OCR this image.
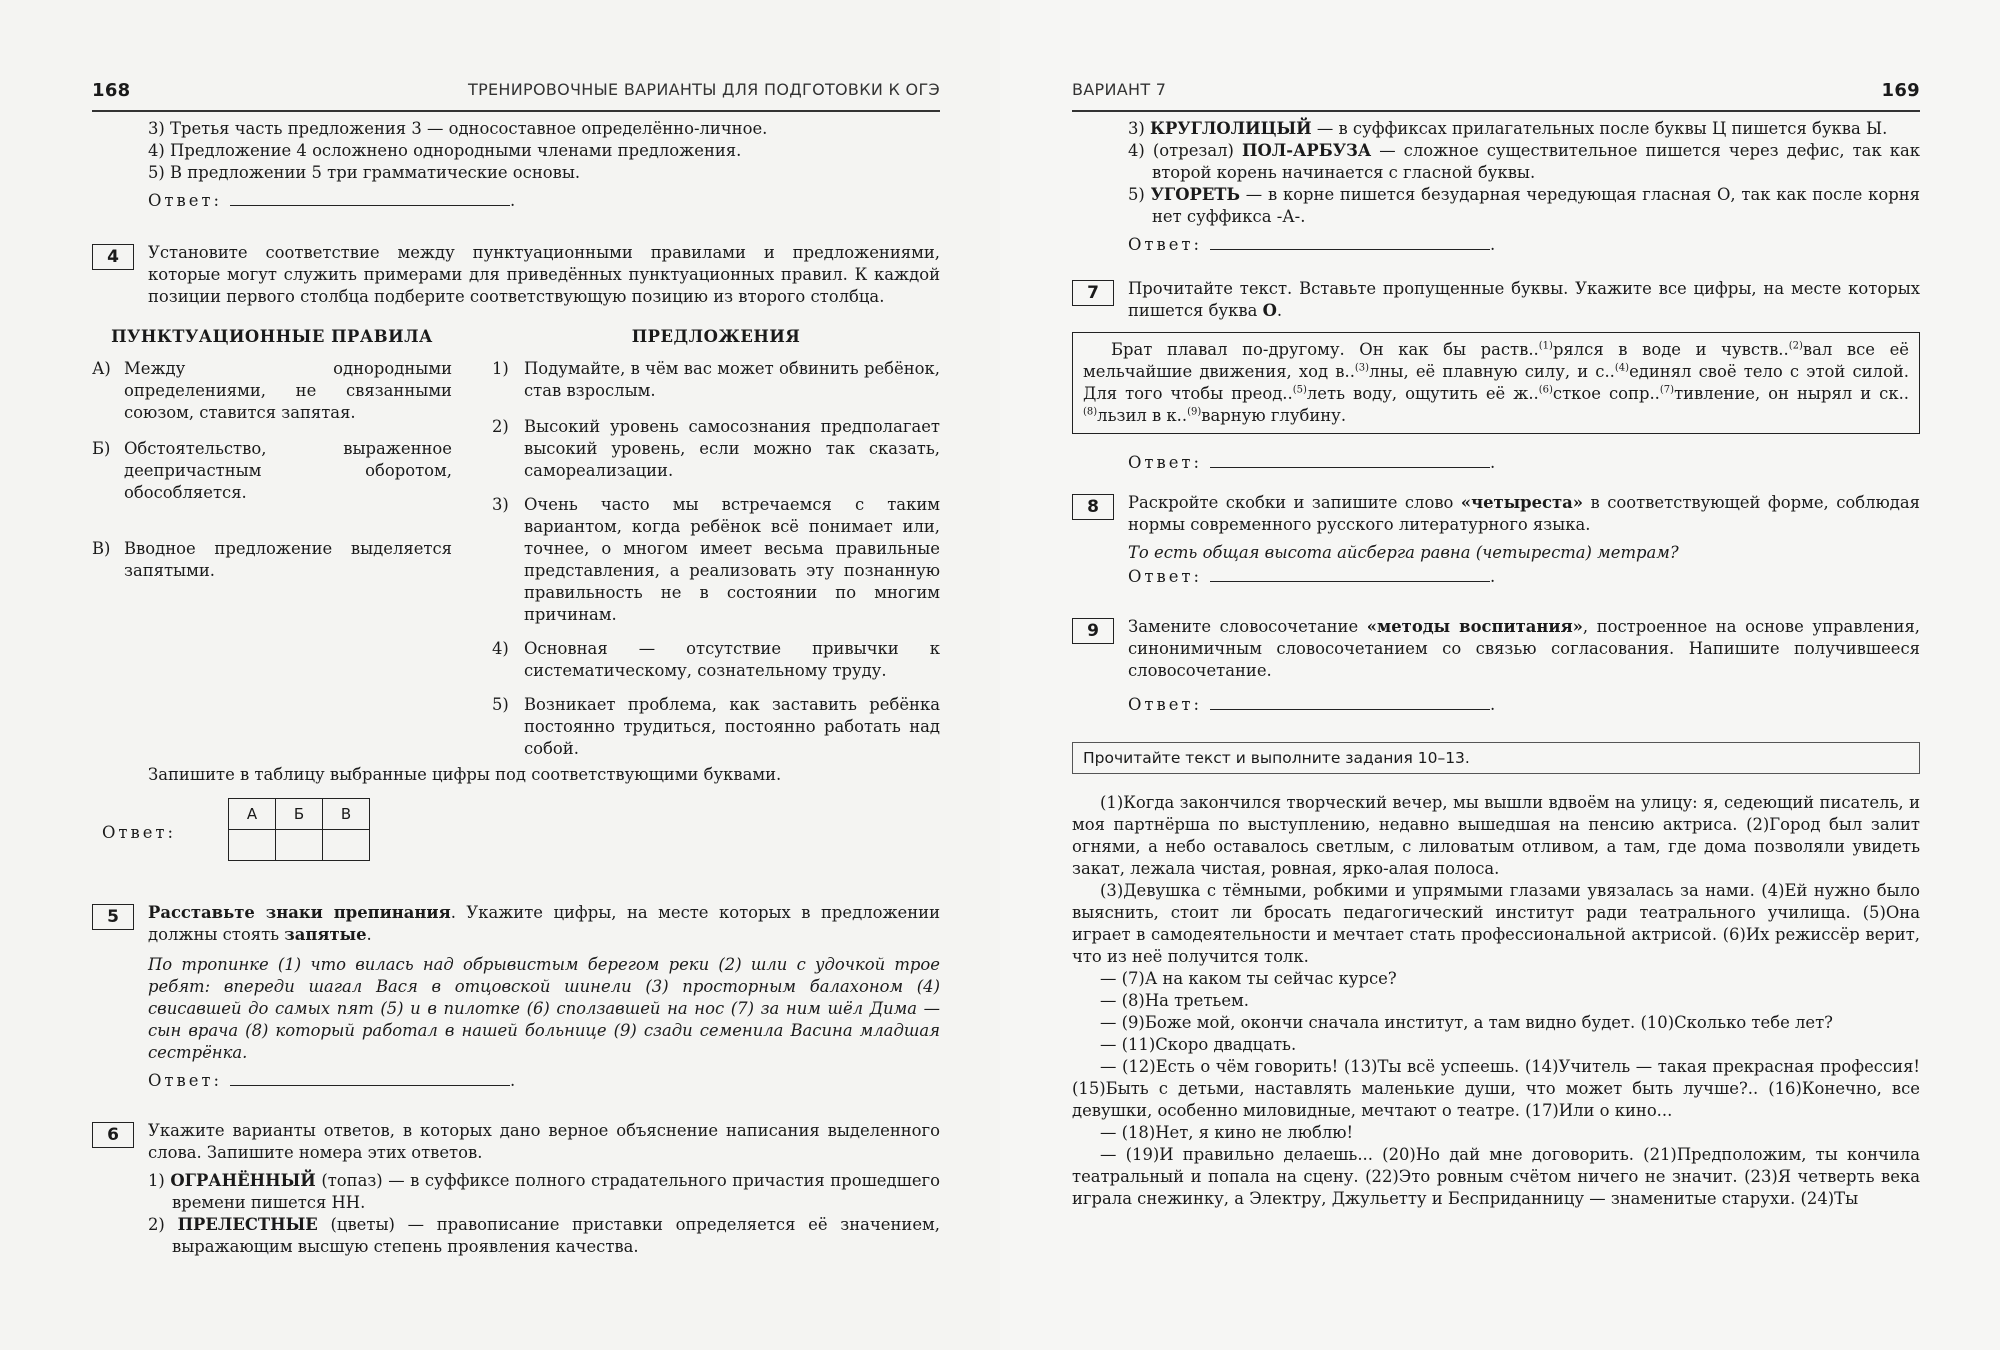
168	ТРЕНИРОВОЧНЫЕ ВАРИАНТЫ ДЛЯ ПОДГОТОВКИ К ОГЭ

3) Третья часть предложения 3 — односоставное определённо-личное.

4) Предложение 4 осложнено однородными членами предложения.

5) В предложении 5 три грамматические основы.

Ответ:	.
4	Установите соответствие между пунктуационными правилами и предложениями, которые могут служить примерами для приведённых пунктуационных правил. К каждой позиции первого столбца подберите соответствующую позицию из второго столбца.

ПУНКТУАЦИОННЫЕ ПРАВИЛА
А) Между однородными определениями, не связанными союзом, ставится запятая.
Б) Обстоятельство, выраженное деепричастным оборотом, обособляется.
В) Вводное предложение выделяется запятыми.
ПРЕДЛОЖЕНИЯ
1) Подумайте, в чём вас может обвинить ребёнок, став взрослым.
2) Высокий уровень самосознания предполагает высокий уровень, если можно так сказать, самореализации.
3) Очень часто мы встречаемся с таким вариантом, когда ребёнок всё понимает или, точнее, о многом имеет весьма правильные представления, а реализовать эту познанную правильность не в состоянии по многим причинам.
4) Основная — отсутствие привычки к систематическому, сознательному труду.
5) Возникает проблема, как заставить ребёнка постоянно трудиться, постоянно работать над собой.

Запишите в таблицу выбранные цифры под соответствующими буквами.

Ответ:
А	Б	В

5	Расставьте знаки препинания. Укажите цифры, на месте которых в предложении должны стоять запятые.

По тропинке (1) что вилась над обрывистым берегом реки (2) шли с удочкой трое ребят: впереди шагал Вася в отцовской шинели (3) просторным балахоном (4) свисавшей до самых пят (5) и в пилотке (6) сползавшей на нос (7) за ним шёл Дима — сын врача (8) который работал в нашей больнице (9) сзади семенила Васина младшая сестрёнка.

Ответ:	.
6	Укажите варианты ответов, в которых дано верное объяснение написания выделенного слова. Запишите номера этих ответов.

1) ОГРАНЁННЫЙ (топаз) — в суффиксе полного страдательного причастия прошедшего времени пишется НН.

2) ПРЕЛЕСТНЫЕ (цветы) — правописание приставки определяется её значением, выражающим высшую степень проявления качества.

ВАРИАНТ 7	169

3) КРУГЛОЛИЦЫЙ — в суффиксах прилагательных после буквы Ц пишется буква Ы.

4) (отрезал) ПОЛ-АРБУЗА — сложное существительное пишется через дефис, так как второй корень начинается с гласной буквы.

5) УГОРЕТЬ — в корне пишется безударная чередующая гласная О, так как после корня нет суффикса -А-.

Ответ:	.
7	Прочитайте текст. Вставьте пропущенные буквы. Укажите все цифры, на месте которых пишется буква О.

Брат плавал по-другому. Он как бы раств..$^{(1)}$рялся в воде и чувств..$^{(2)}$вал все её мельчайшие движения, ход в..$^{(3)}$лны, её плавную силу, и с..$^{(4)}$единял своё тело с этой силой. Для того чтобы преод..$^{(5)}$леть воду, ощутить её ж..$^{(6)}$сткое сопр..$^{(7)}$тивление, он нырял и ск..$^{(8)}$льзил в к..$^{(9)}$варную глубину.

Ответ:	.
8	Раскройте скобки и запишите слово «четыреста» в соответствующей форме, соблюдая нормы современного русского литературного языка.

То есть общая высота айсберга равна (четыреста) метрам?

Ответ:	.
9	Замените словосочетание «методы воспитания», построенное на основе управления, синонимичным словосочетанием со связью согласования. Напишите получившееся словосочетание.

Ответ:	.
Прочитайте текст и выполните задания 10–13.

(1)Когда закончился творческий вечер, мы вышли вдвоём на улицу: я, седеющий писатель, и моя партнёрша по выступлению, недавно вышедшая на пенсию актриса. (2)Город был залит огнями, а небо оставалось светлым, с лиловатым отливом, а там, где дома позволяли увидеть закат, лежала чистая, ровная, ярко-алая полоса.

(3)Девушка с тёмными, робкими и упрямыми глазами увязалась за нами. (4)Ей нужно было выяснить, стоит ли бросать педагогический институт ради театрального училища. (5)Она играет в самодеятельности и мечтает стать профессиональной актрисой. (6)Их режиссёр верит, что из неё получится толк.

— (7)А на каком ты сейчас курсе?

— (8)На третьем.

— (9)Боже мой, окончи сначала институт, а там видно будет. (10)Сколько тебе лет?

— (11)Скоро двадцать.

— (12)Есть о чём говорить! (13)Ты всё успеешь. (14)Учитель — такая прекрасная профессия! (15)Быть с детьми, наставлять маленькие души, что может быть лучше?.. (16)Конечно, все девушки, особенно миловидные, мечтают о театре. (17)Или о кино...

— (18)Нет, я кино не люблю!

— (19)И правильно делаешь... (20)Но дай мне договорить. (21)Предположим, ты кончила театральный и попала на сцену. (22)Это ровным счётом ничего не значит. (23)Я четверть века играла снежинку, а Электру, Джульетту и Бесприданницу — знаменитые старухи. (24)Ты
